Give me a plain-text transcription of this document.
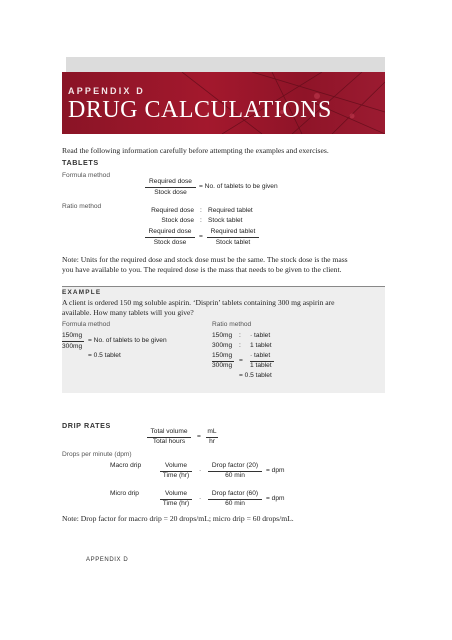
APPENDIX D
DRUG CALCULATIONS
Read the following information carefully before attempting the examples and exercises.
TABLETS
Formula method
Required dose
Stock dose
= No. of tablets to be given
Ratio method
Required dose : Required tablet
Stock dose : Stock tablet
Required dose
Stock dose
=
Required tablet
Stock tablet
Note: Units for the required dose and stock dose must be the same. The stock dose is the mass
you have available to you. The required dose is the mass that needs to be given to the client.
EXAMPLE
A client is ordered 150 mg soluble aspirin. ‘Disprin’ tablets containing 300 mg aspirin are
available. How many tablets will you give?
Formula method	Ratio method
150mg
300mg
= No. of tablets to be given
= 0.5 tablet
150mg : · tablet
300mg : 1 tablet
150mg
300mg
=
· tablet
1 tablet
= 0.5 tablet
DRIP RATES
Total volume
Total hours
=
mL
hr
Drops per minute (dpm)
Macro drip	Volume
Time (hr)
·
Drop factor (20)
60 min
= dpm
Micro drip	Volume
Time (hr)
·
Drop factor (60)
60 min
= dpm
Note: Drop factor for macro drip = 20 drops/mL; micro drip = 60 drops/mL.
APPENDIX D
